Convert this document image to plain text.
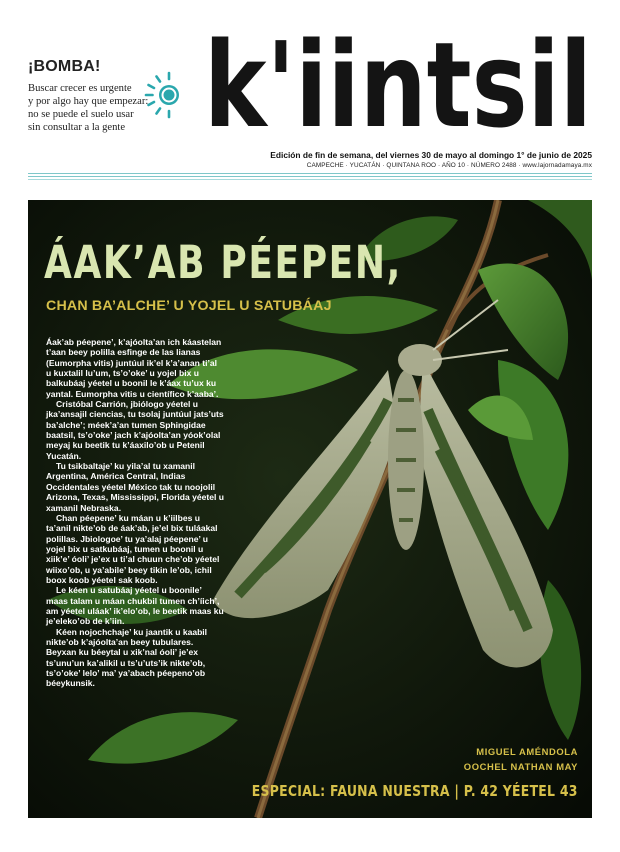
¡BOMBA!
Buscar crecer es urgente
y por algo hay que empezar:
no se puede el suelo usar
sin consultar a la gente k'iintsil
Edición de fin de semana, del viernes 30 de mayo al domingo 1° de junio de 2025
CAMPECHE · YUCATÁN · QUINTANA ROO · AÑO 10 · NÚMERO 2488 · www.lajornadamaya.mx
ÁAK’AB PÉEPEN,
CHAN BA’ALCHE’ U YOJEL U SATUBÁAJ

Áak’ab péepene’, k’ajóolta’an ich káastelan t’aan beey polilla esfinge de las lianas (Eumorpha vitis) juntúul ik’el k’a’anan ti’al u kuxtalil lu’um, ts’o’oke’ u yojel bix u balkubáaj yéetel u boonil le k’áax tu’ux ku yantal. Eumorpha vitis u científico k’aaba’.

Cristóbal Carrión, jbiólogo yéetel u jka’ansajil ciencias, tu tsolaj juntúul jats’uts ba’alche’; méek’a’an tumen Sphingidae baatsil, ts’o’oke’ jach k’ajóolta’an yóok’olal meyaj ku beetik tu k’áaxilo’ob u Petenil Yucatán.

Tu tsikbaltaje’ ku yila’al tu xamanil Argentina, América Central, Indias Occidentales yéetel México tak tu noojolil Arizona, Texas, Mississippi, Florida yéetel u xamanil Nebraska.

Chan péepene’ ku máan u k’iilbes u ta’anil nikte’ob de áak’ab, je’el bix tuláakal polillas. Jbiologoe’ tu ya’alaj péepene’ u yojel bix u satkubáaj, tumen u boonil u xiik’e’ óoli’ je’ex u ti’al chuun che’ob yéetel wiixo’ob, u ya’abile’ beey tikin le’ob, ichil boox koob yéetel sak koob.

Le kéen u satubáaj yéetel u boonile’ maas talam u máan chukbil tumen ch’íich’, am yéetel uláak’ ik’elo’ob, le beetik maas ku je’eleko’ob de k’iin.

Kéen nojochchaje’ ku jaantik u kaabil nikte’ob k’ajóolta’an beey tubulares. Beyxan ku béeytal u xik’nal óoli’ je’ex ts’unu’un ka’alikil u ts’u’uts’ik nikte’ob, ts’o’oke’ lelo’ ma’ ya’abach péepeno’ob béeykunsik.

MIGUEL AMÉNDOLA
OOCHEL NATHAN MAY
ESPECIAL: FAUNA NUESTRA | P. 42 YÉETEL 43
